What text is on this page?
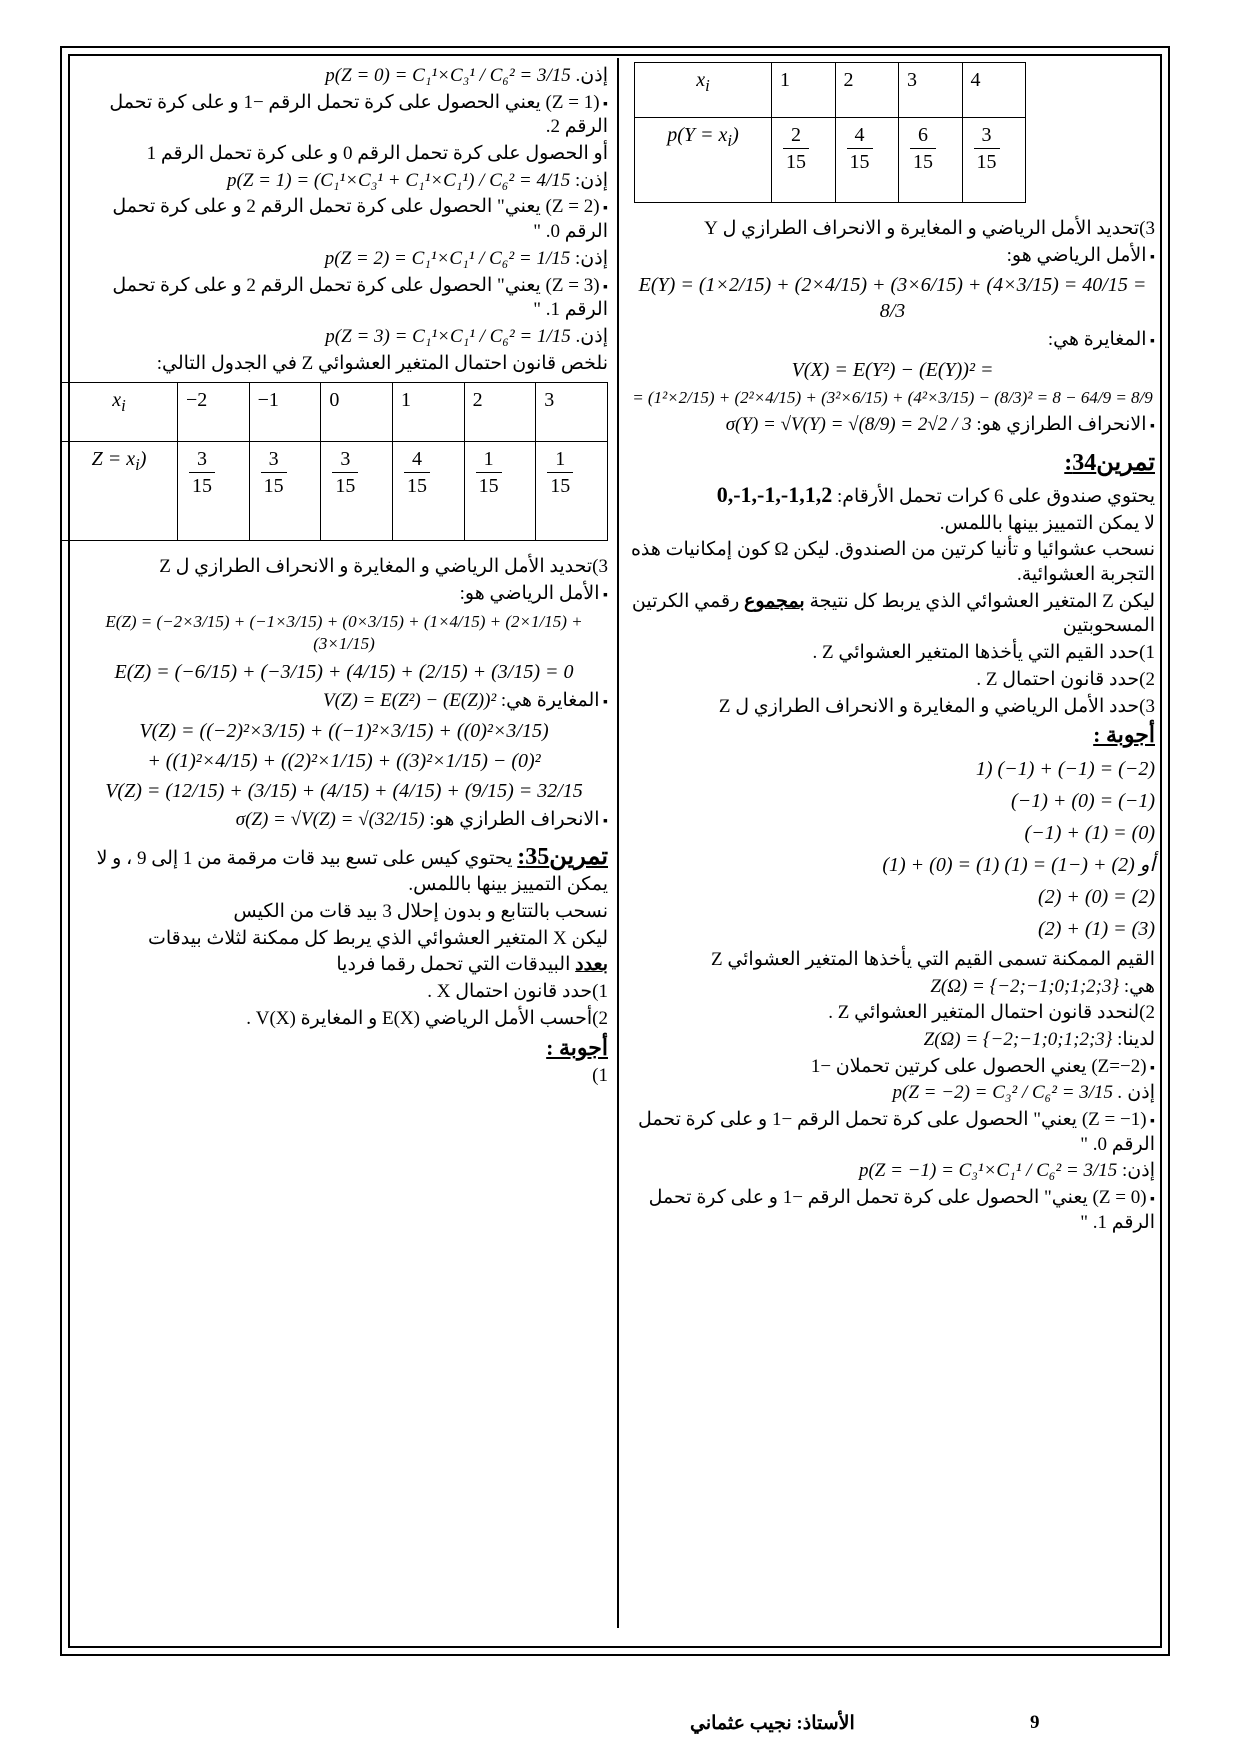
$x_i$	1	2	3	4
$p(Y = x_i)$	$\frac{2}{15}$	$\frac{4}{15}$	$\frac{6}{15}$	$\frac{3}{15}$
3)تحديد الأمل الرياضي و المغايرة و الانحراف الطرازي ل Y
▪ الأمل الرياضي هو:
E(Y) = (1×2/15) + (2×4/15) + (3×6/15) + (4×3/15) = 40/15 = 8/3
▪ المغايرة هي:
V(X) = E(Y²) − (E(Y))² =
= (1²×2/15) + (2²×4/15) + (3²×6/15) + (4²×3/15) − (8/3)² = 8 − 64/9 = 8/9
▪ الانحراف الطرازي هو: σ(Y) = √V(Y) = √(8/9) = 2√2 / 3
تمرين34:
يحتوي صندوق على 6 كرات تحمل الأرقام: 0,-1,-1,-1,1,2
لا يمكن التمييز بينها باللمس.
نسحب عشوائيا و تأنيا كرتين من الصندوق. ليكن Ω كون إمكانيات هذه التجربة العشوائية.
ليكن Z المتغير العشوائي الذي يربط كل نتيجة بمجموع رقمي الكرتين المسحوبتين
1)حدد القيم التي يأخذها المتغير العشوائي Z .
2)حدد قانون احتمال Z .
3)حدد الأمل الرياضي و المغايرة و الانحراف الطرازي ل Z
أجوبة :
1) (−1) + (−1) = (−2)
(−1) + (0) = (−1)
(−1) + (1) = (0)
(1) + (0) = (1) أو (2) + (−1) = (1)
(2) + (0) = (2)
(2) + (1) = (3)
القيم الممكنة تسمى القيم التي يأخذها المتغير العشوائي Z
هي: Z(Ω) = {−2;−1;0;1;2;3}
2)لنحدد قانون احتمال المتغير العشوائي Z .
لدينا: Z(Ω) = {−2;−1;0;1;2;3}
▪ (Z=−2) يعني الحصول على كرتين تحملان −1
إذن p(Z = −2) = C₃² / C₆² = 3/15 .
▪ (Z = −1) يعني" الحصول على كرة تحمل الرقم −1 و على كرة تحمل الرقم 0. "
إذن: p(Z = −1) = C₃¹×C₁¹ / C₆² = 3/15
▪ (Z = 0) يعني" الحصول على كرة تحمل الرقم −1 و على كرة تحمل الرقم 1. "
إذن. p(Z = 0) = C₁¹×C₃¹ / C₆² = 3/15
▪ (Z = 1) يعني الحصول على كرة تحمل الرقم −1 و على كرة تحمل الرقم 2.
أو الحصول على كرة تحمل الرقم 0 و على كرة تحمل الرقم 1
إذن: p(Z = 1) = (C₁¹×C₃¹ + C₁¹×C₁¹) / C₆² = 4/15
▪ (Z = 2) يعني" الحصول على كرة تحمل الرقم 2 و على كرة تحمل الرقم 0. "
إذن: p(Z = 2) = C₁¹×C₁¹ / C₆² = 1/15
▪ (Z = 3) يعني" الحصول على كرة تحمل الرقم 2 و على كرة تحمل الرقم 1. "
إذن. p(Z = 3) = C₁¹×C₁¹ / C₆² = 1/15
نلخص قانون احتمال المتغير العشوائي Z في الجدول التالي:
$x_i$	−2	−1	0	1	2	3
$Z = x_i$)	$\frac{3}{15}$	$\frac{3}{15}$	$\frac{3}{15}$	$\frac{4}{15}$	$\frac{1}{15}$	$\frac{1}{15}$
3)تحديد الأمل الرياضي و المغايرة و الانحراف الطرازي ل Z
▪ الأمل الرياضي هو:
E(Z) = (−2×3/15) + (−1×3/15) + (0×3/15) + (1×4/15) + (2×1/15) + (3×1/15)
E(Z) = (−6/15) + (−3/15) + (4/15) + (2/15) + (3/15) = 0
▪ المغايرة هي: V(Z) = E(Z²) − (E(Z))²
V(Z) = ((−2)²×3/15) + ((−1)²×3/15) + ((0)²×3/15)
+ ((1)²×4/15) + ((2)²×1/15) + ((3)²×1/15) − (0)²
V(Z) = (12/15) + (3/15) + (4/15) + (4/15) + (9/15) = 32/15
▪ الانحراف الطرازي هو: σ(Z) = √V(Z) = √(32/15)
تمرين35: يحتوي كيس على تسع بيد قات مرقمة من 1 إلى 9 ، و لا يمكن التمييز بينها باللمس.
نسحب بالتتابع و بدون إحلال 3 بيد قات من الكيس
ليكن X المتغير العشوائي الذي يربط كل ممكنة لثلاث بيدقات
بعدد البيدقات التي تحمل رقما فرديا
1)حدد قانون احتمال X .
2)أحسب الأمل الرياضي E(X) و المغايرة V(X) .
أجوبة :
1)
9
الأستاذ: نجيب عثماني
